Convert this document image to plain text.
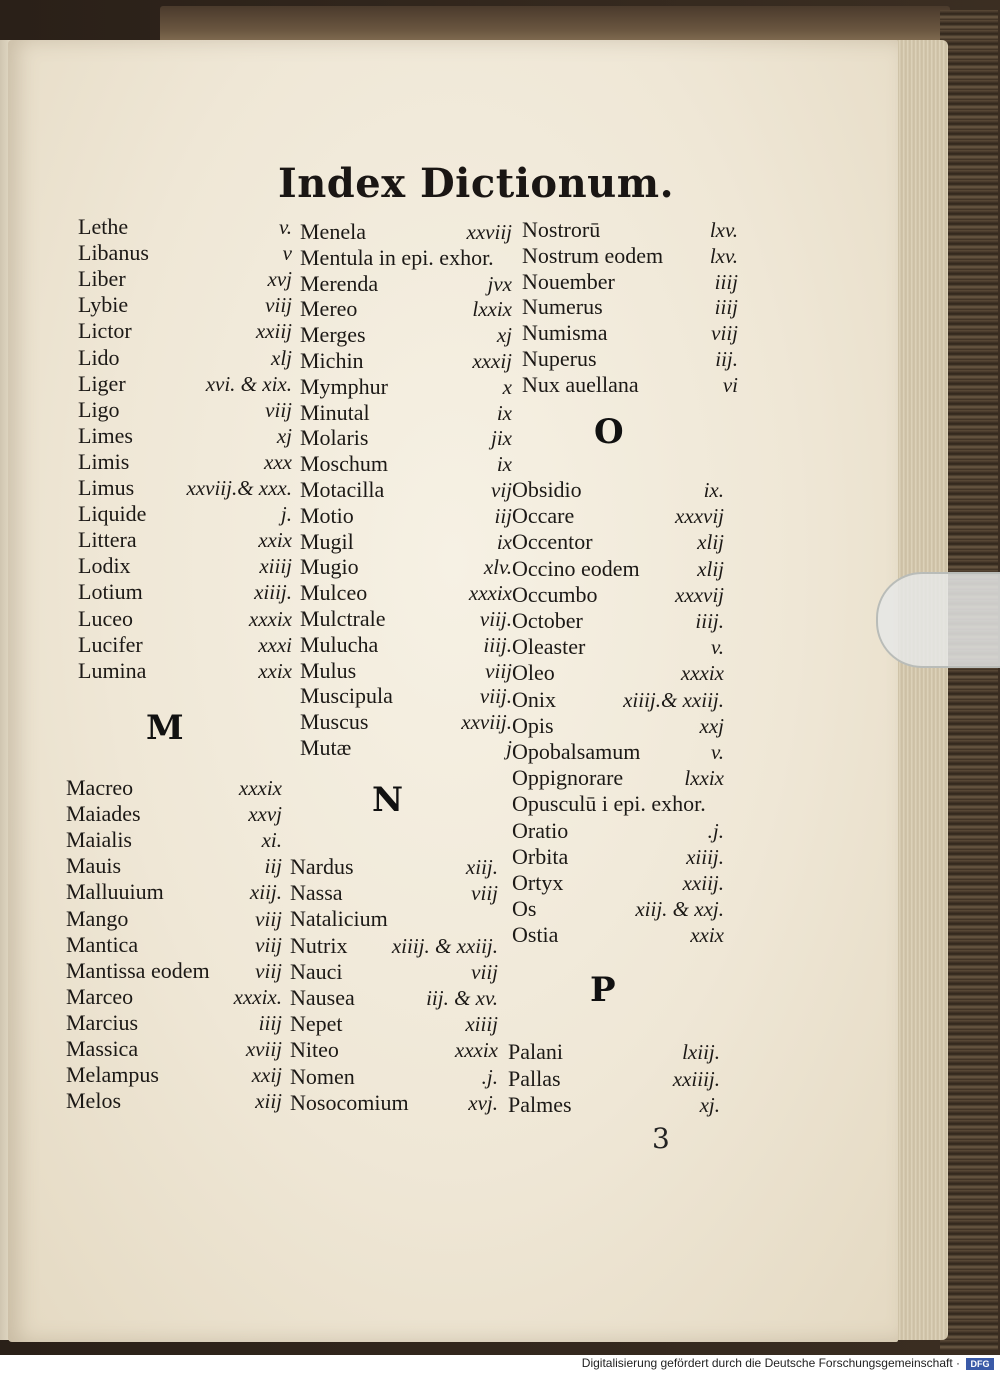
Index Dictionum.
Lethe	v.
Libanus	v
Liber	xvj
Lybie	viij
Lictor	xxiij
Lido	xlj
Liger	xvi. & xix.
Ligo	viij
Limes	xj
Limis	xxx
Limus xxviij.& xxx.
Liquide	j.
Littera	xxix
Lodix	xiiij
Lotium	xiiij.
Luceo	xxxix
Lucifer	xxxi
Lumina	xxix
Macreo	xxxix
Maiades	xxvj
Maialis	xi.
Mauis	iij
Malluuium	xiij.
Mango	viij
Mantica	viij
Mantissa eodem viij
Marceo	xxxix.
Marcius	iiij
Massica	xviij
Melampus	xxij
Melos	xiij
Menela	xxviij
Mentula in epi. exhor.
Merenda	jvx
Mereo	lxxix
Merges	xj
Michin	xxxij
Mymphur	x
Minutal	ix
Molaris	jix
Moschum	ix
Motacilla	vij
Motio	iij
Mugil	ix
Mugio	xlv.
Mulceo	xxxix
Mulctrale	viij.
Mulucha	iiij.
Mulus	viij
Muscipula	viij.
Muscus	xxviij.
Mutæ	j
Nardus	xiij.
Nassa	viij
Natalicium
Nutrix xiiij. & xxiij.
Nauci	viij
Nausea	iij. & xv.
Nepet	xiiij
Niteo	xxxix
Nomen	.j.
Nosocomium	xvj.
Nostrorū	lxv.
Nostrum eodem lxv.
Nouember	iiij
Numerus	iiij
Numisma	viij
Nuperus	iij.
Nux auellana	vi
Obsidio	ix.
Occare	xxxvij
Occentor	xlij
Occino eodem	xlij
Occumbo	xxxvij
October	iiij.
Oleaster	v.
Oleo	xxxix
Onix	xiiij.& xxiij.
Opis	xxj
Opobalsamum	v.
Oppignorare	lxxix
Opusculū i epi. exhor.
Oratio	.j.
Orbita	xiiij.
Ortyx	xxiij.
Os	xiij. & xxj.
Ostia	xxix
Palani	lxiij.
Pallas	xxiiij.
Palmes	xj.
M
N
O
P
3
Digitalisierung gefördert durch die Deutsche Forschungsgemeinschaft ·	DFG
